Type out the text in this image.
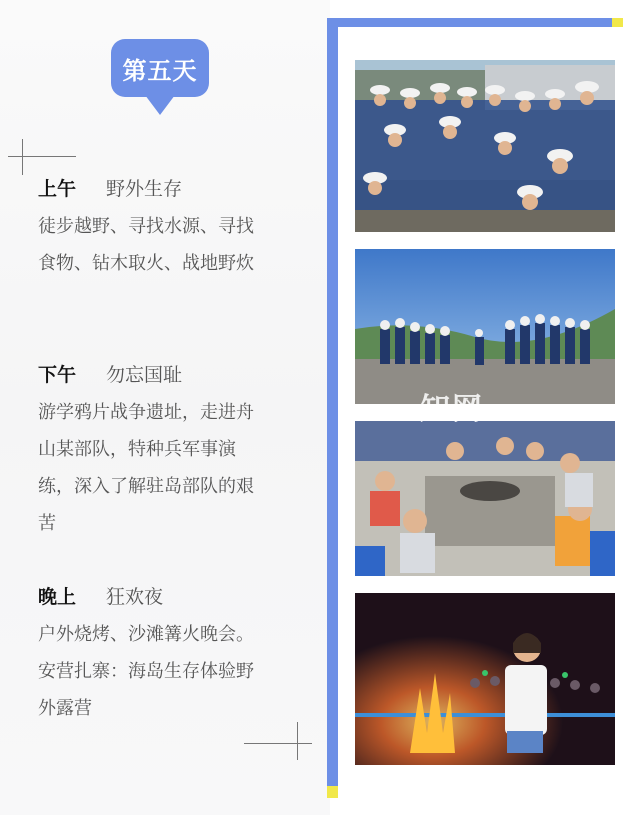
第五天
上午	野外生存
徒步越野、寻找水源、寻找
食物、钻木取火、战地野炊
下午	勿忘国耻
游学鸦片战争遗址，走进舟
山某部队，特种兵军事演
练，深入了解驻岛部队的艰
苦
晚上	狂欢夜
户外烧烤、沙滩篝火晚会。
安营扎寨：海岛生存体验野
外露营
知网
